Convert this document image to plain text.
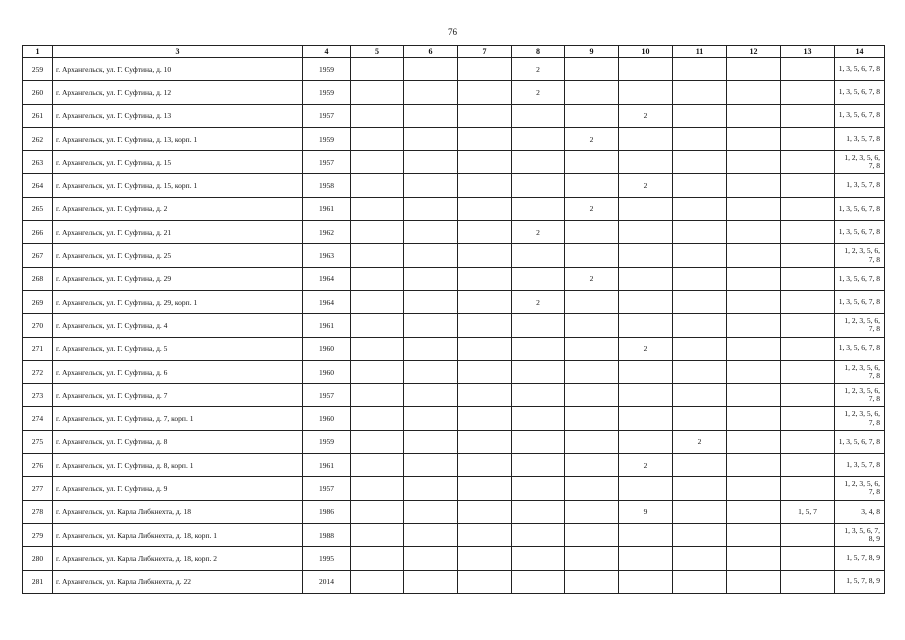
76
1	3	4	5	6	7	8	9	10	11	12	13	14
259	г. Архангельск, ул. Г. Суфтина, д. 10	1959				2						1, 3, 5, 6, 7, 8
260	г. Архангельск, ул. Г. Суфтина, д. 12	1959				2						1, 3, 5, 6, 7, 8
261	г. Архангельск, ул. Г. Суфтина, д. 13	1957						2				1, 3, 5, 6, 7, 8
262	г. Архангельск, ул. Г. Суфтина, д. 13, корп. 1	1959					2					1, 3, 5, 7, 8
263	г. Архангельск, ул. Г. Суфтина, д. 15	1957										1, 2, 3, 5, 6, 7, 8
264	г. Архангельск, ул. Г. Суфтина, д. 15, корп. 1	1958						2				1, 3, 5, 7, 8
265	г. Архангельск, ул. Г. Суфтина, д. 2	1961					2					1, 3, 5, 6, 7, 8
266	г. Архангельск, ул. Г. Суфтина, д. 21	1962				2						1, 3, 5, 6, 7, 8
267	г. Архангельск, ул. Г. Суфтина, д. 25	1963										1, 2, 3, 5, 6, 7, 8
268	г. Архангельск, ул. Г. Суфтина, д. 29	1964					2					1, 3, 5, 6, 7, 8
269	г. Архангельск, ул. Г. Суфтина, д. 29, корп. 1	1964				2						1, 3, 5, 6, 7, 8
270	г. Архангельск, ул. Г. Суфтина, д. 4	1961										1, 2, 3, 5, 6, 7, 8
271	г. Архангельск, ул. Г. Суфтина, д. 5	1960						2				1, 3, 5, 6, 7, 8
272	г. Архангельск, ул. Г. Суфтина, д. 6	1960										1, 2, 3, 5, 6, 7, 8
273	г. Архангельск, ул. Г. Суфтина, д. 7	1957										1, 2, 3, 5, 6, 7, 8
274	г. Архангельск, ул. Г. Суфтина, д. 7, корп. 1	1960										1, 2, 3, 5, 6, 7, 8
275	г. Архангельск, ул. Г. Суфтина, д. 8	1959							2			1, 3, 5, 6, 7, 8
276	г. Архангельск, ул. Г. Суфтина, д. 8, корп. 1	1961						2				1, 3, 5, 7, 8
277	г. Архангельск, ул. Г. Суфтина, д. 9	1957										1, 2, 3, 5, 6, 7, 8
278	г. Архангельск, ул. Карла Либкнехта, д. 18	1986						9			1, 5, 7	3, 4, 8
279	г. Архангельск, ул. Карла Либкнехта, д. 18, корп. 1	1988										1, 3, 5, 6, 7, 8, 9
280	г. Архангельск, ул. Карла Либкнехта, д. 18, корп. 2	1995										1, 5, 7, 8, 9
281	г. Архангельск, ул. Карла Либкнехта, д. 22	2014										1, 5, 7, 8, 9
